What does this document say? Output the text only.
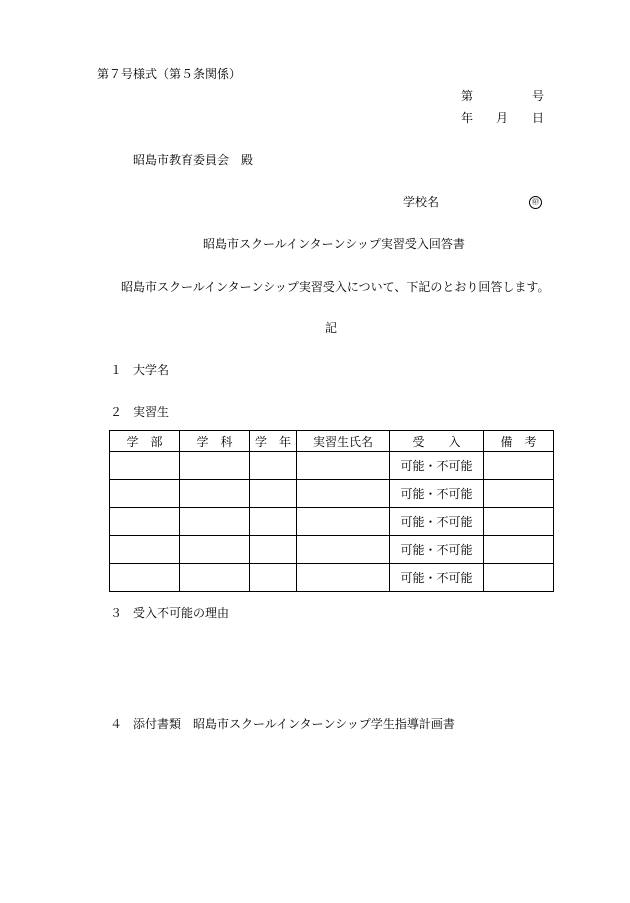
第７号様式（第５条関係）
第	号
年 月 日
昭島市教育委員会　殿
学校名	㊞
昭島市スクールインターンシップ実習受入回答書
昭島市スクールインターンシップ実習受入について、下記のとおり回答します。
記
１ 大学名
２ 実習生
学　部	学　科	学　年	実習生氏名	受　　入	備　考
				可能・不可能	
				可能・不可能	
				可能・不可能	
				可能・不可能	
				可能・不可能	
３ 受入不可能の理由
４ 添付書類　昭島市スクールインターンシップ学生指導計画書
